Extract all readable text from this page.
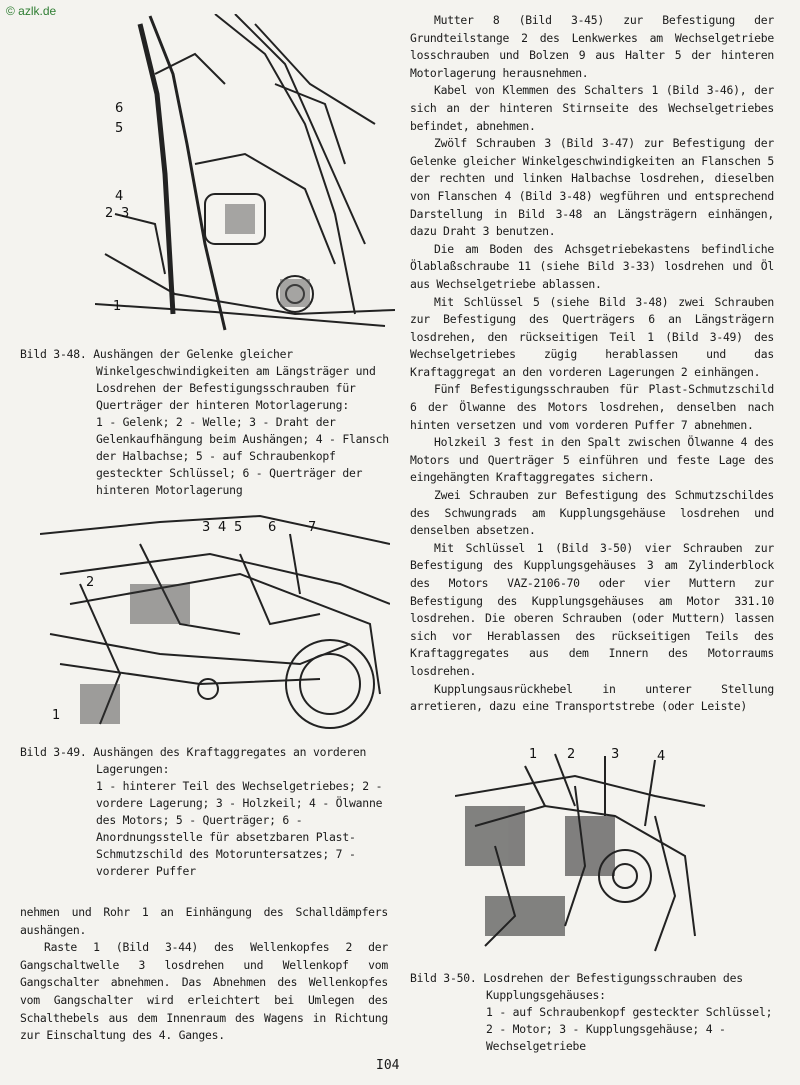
© azlk.de
6
5
4
2 3
1
Bild 3-48. Aushängen der Gelenke gleicher Winkelgeschwindigkeiten am Längsträger und Losdrehen der Befestigungsschrauben für Querträger der hinteren Motorlagerung:
1 - Gelenk; 2 - Welle; 3 - Draht der Gelenkaufhängung beim Aushängen; 4 - Flansch der Halbachse; 5 - auf Schraubenkopf gesteckter Schlüssel; 6 - Querträger der hinteren Motorlagerung
3 4 5 6 7
2
1
Bild 3-49. Aushängen des Kraftaggregates an vorderen Lagerungen:
1 - hinterer Teil des Wechselgetriebes; 2 - vordere Lagerung; 3 - Holzkeil; 4 - Ölwanne des Motors; 5 - Querträger; 6 - Anordnungsstelle für absetzbaren Plast-Schmutzschild des Motoruntersatzes; 7 - vorderer Puffer

nehmen und Rohr 1 an Einhängung des Schalldämpfers aushängen.

Raste 1 (Bild 3-44) des Wellenkopfes 2 der Gangschaltwelle 3 losdrehen und Wellenkopf vom Gangschalter abnehmen. Das Abnehmen des Wellenkopfes vom Gangschalter wird erleichtert bei Umlegen des Schalthebels aus dem Innenraum des Wagens in Richtung zur Einschaltung des 4. Ganges.

Mutter 8 (Bild 3-45) zur Befestigung der Grundteilstange 2 des Lenkwerkes am Wechselgetriebe losschrauben und Bolzen 9 aus Halter 5 der hinteren Motorlagerung herausnehmen.

Kabel von Klemmen des Schalters 1 (Bild 3-46), der sich an der hinteren Stirnseite des Wechselgetriebes befindet, abnehmen.

Zwölf Schrauben 3 (Bild 3-47) zur Befestigung der Gelenke gleicher Winkelgeschwindigkeiten an Flanschen 5 der rechten und linken Halbachse losdrehen, dieselben von Flanschen 4 (Bild 3-48) wegführen und entsprechend Darstellung in Bild 3-48 an Längsträgern einhängen, dazu Draht 3 benutzen.

Die am Boden des Achsgetriebekastens befindliche Ölablaßschraube 11 (siehe Bild 3-33) losdrehen und Öl aus Wechselgetriebe ablassen.

Mit Schlüssel 5 (siehe Bild 3-48) zwei Schrauben zur Befestigung des Querträgers 6 an Längsträgern losdrehen, den rückseitigen Teil 1 (Bild 3-49) des Wechselgetriebes zügig herablassen und das Kraftaggregat an den vorderen Lagerungen 2 einhängen.

Fünf Befestigungsschrauben für Plast-Schmutzschild 6 der Ölwanne des Motors losdrehen, denselben nach hinten versetzen und vom vorderen Puffer 7 abnehmen.

Holzkeil 3 fest in den Spalt zwischen Ölwanne 4 des Motors und Querträger 5 einführen und feste Lage des eingehängten Kraftaggregates sichern.

Zwei Schrauben zur Befestigung des Schmutzschildes des Schwungrads am Kupplungsgehäuse losdrehen und denselben absetzen.

Mit Schlüssel 1 (Bild 3-50) vier Schrauben zur Befestigung des Kupplungsgehäuses 3 am Zylinderblock des Motors VAZ-2106-70 oder vier Muttern zur Befestigung des Kupplungsgehäuses am Motor 331.10 losdrehen. Die oberen Schrauben (oder Muttern) lassen sich vor Herablassen des rückseitigen Teils des Kraftaggregates aus dem Innern des Motorraums losdrehen.

Kupplungsausrückhebel in unterer Stellung arretieren, dazu eine Transportstrebe (oder Leiste)

1 2	3	4
Bild 3-50. Losdrehen der Befestigungsschrauben des Kupplungsgehäuses:
1 - auf Schraubenkopf gesteckter Schlüssel; 2 - Motor; 3 - Kupplungsgehäuse; 4 - Wechselgetriebe
I04
